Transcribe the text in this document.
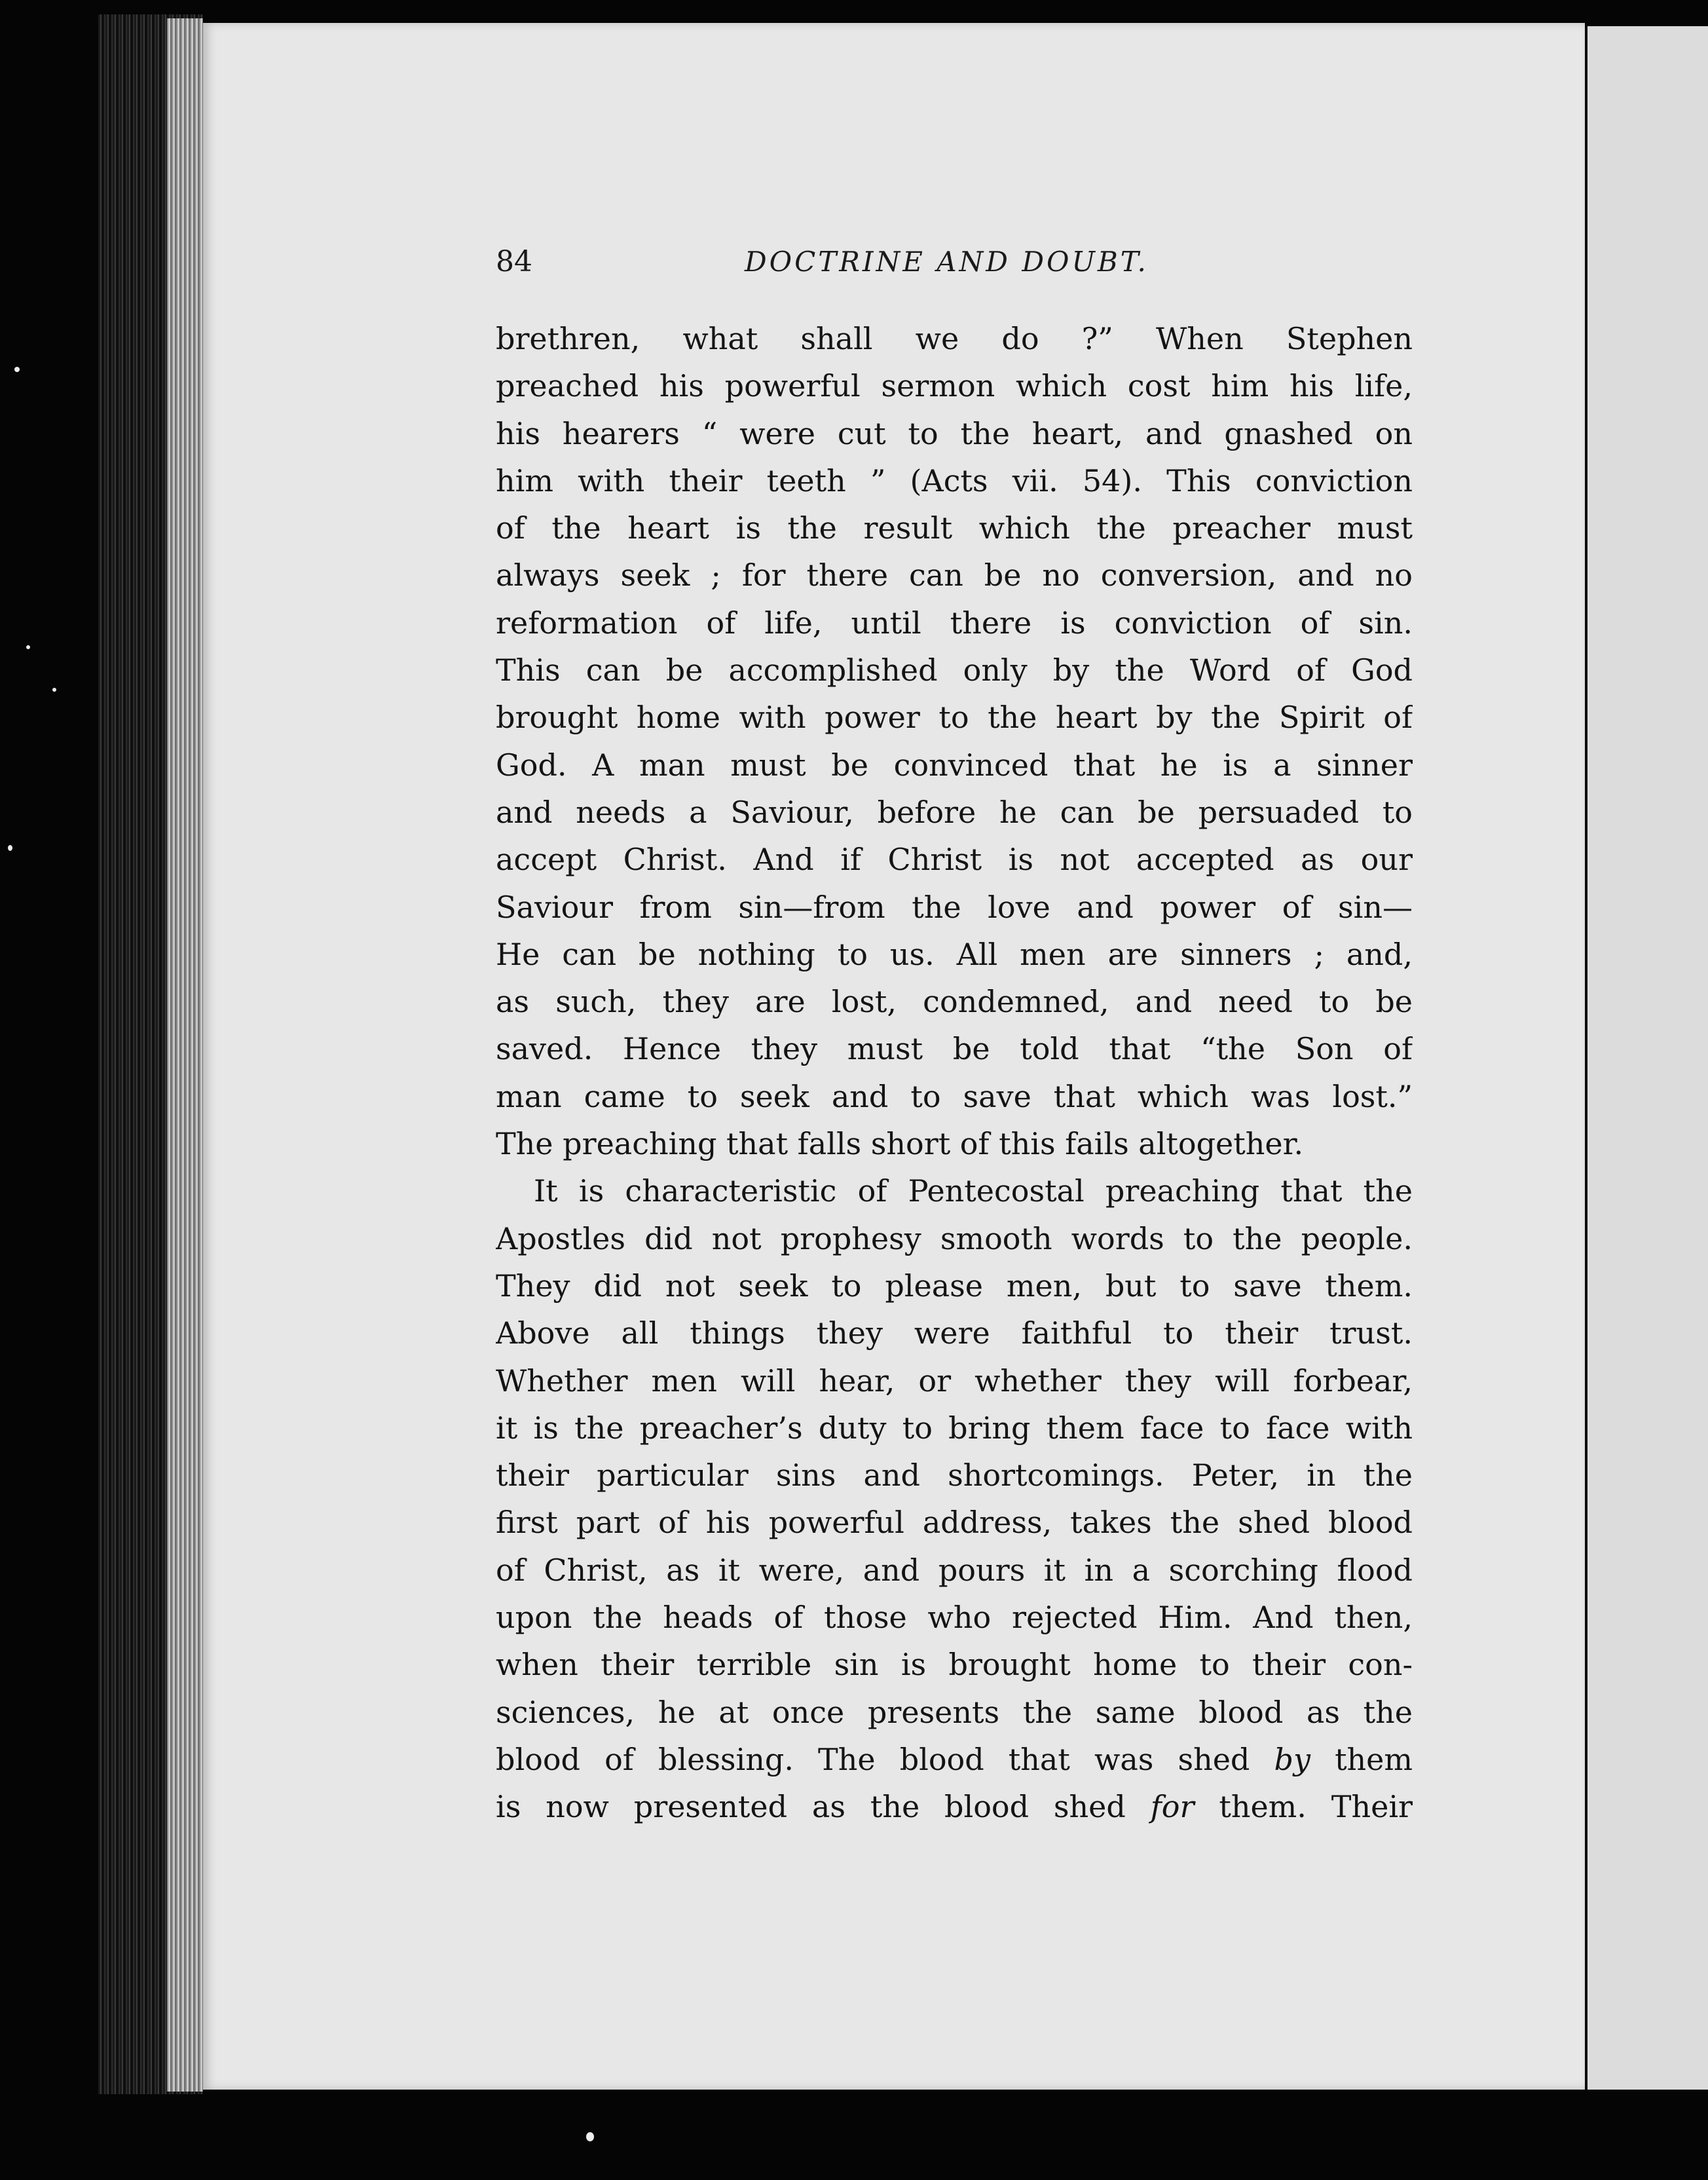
84	DOCTRINE AND DOUBT.
brethren, what shall we do ?” When Stephen
preached his powerful sermon which cost him his life,
his hearers “ were cut to the heart, and gnashed on
him with their teeth ” (Acts vii. 54). This conviction
of the heart is the result which the preacher must
always seek ; for there can be no conversion, and no
reformation of life, until there is conviction of sin.
This can be accomplished only by the Word of God
brought home with power to the heart by the Spirit of
God. A man must be convinced that he is a sinner
and needs a Saviour, before he can be persuaded to
accept Christ. And if Christ is not accepted as our
Saviour from sin—from the love and power of sin—
He can be nothing to us. All men are sinners ; and,
as such, they are lost, condemned, and need to be
saved. Hence they must be told that “the Son of
man came to seek and to save that which was lost.”
The preaching that falls short of this fails altogether.
It is characteristic of Pentecostal preaching that the
Apostles did not prophesy smooth words to the people.
They did not seek to please men, but to save them.
Above all things they were faithful to their trust.
Whether men will hear, or whether they will forbear,
it is the preacher’s duty to bring them face to face with
their particular sins and shortcomings. Peter, in the
first part of his powerful address, takes the shed blood
of Christ, as it were, and pours it in a scorching flood
upon the heads of those who rejected Him. And then,
when their terrible sin is brought home to their con-
sciences, he at once presents the same blood as the
blood of blessing. The blood that was shed by them
is now presented as the blood shed for them. Their
